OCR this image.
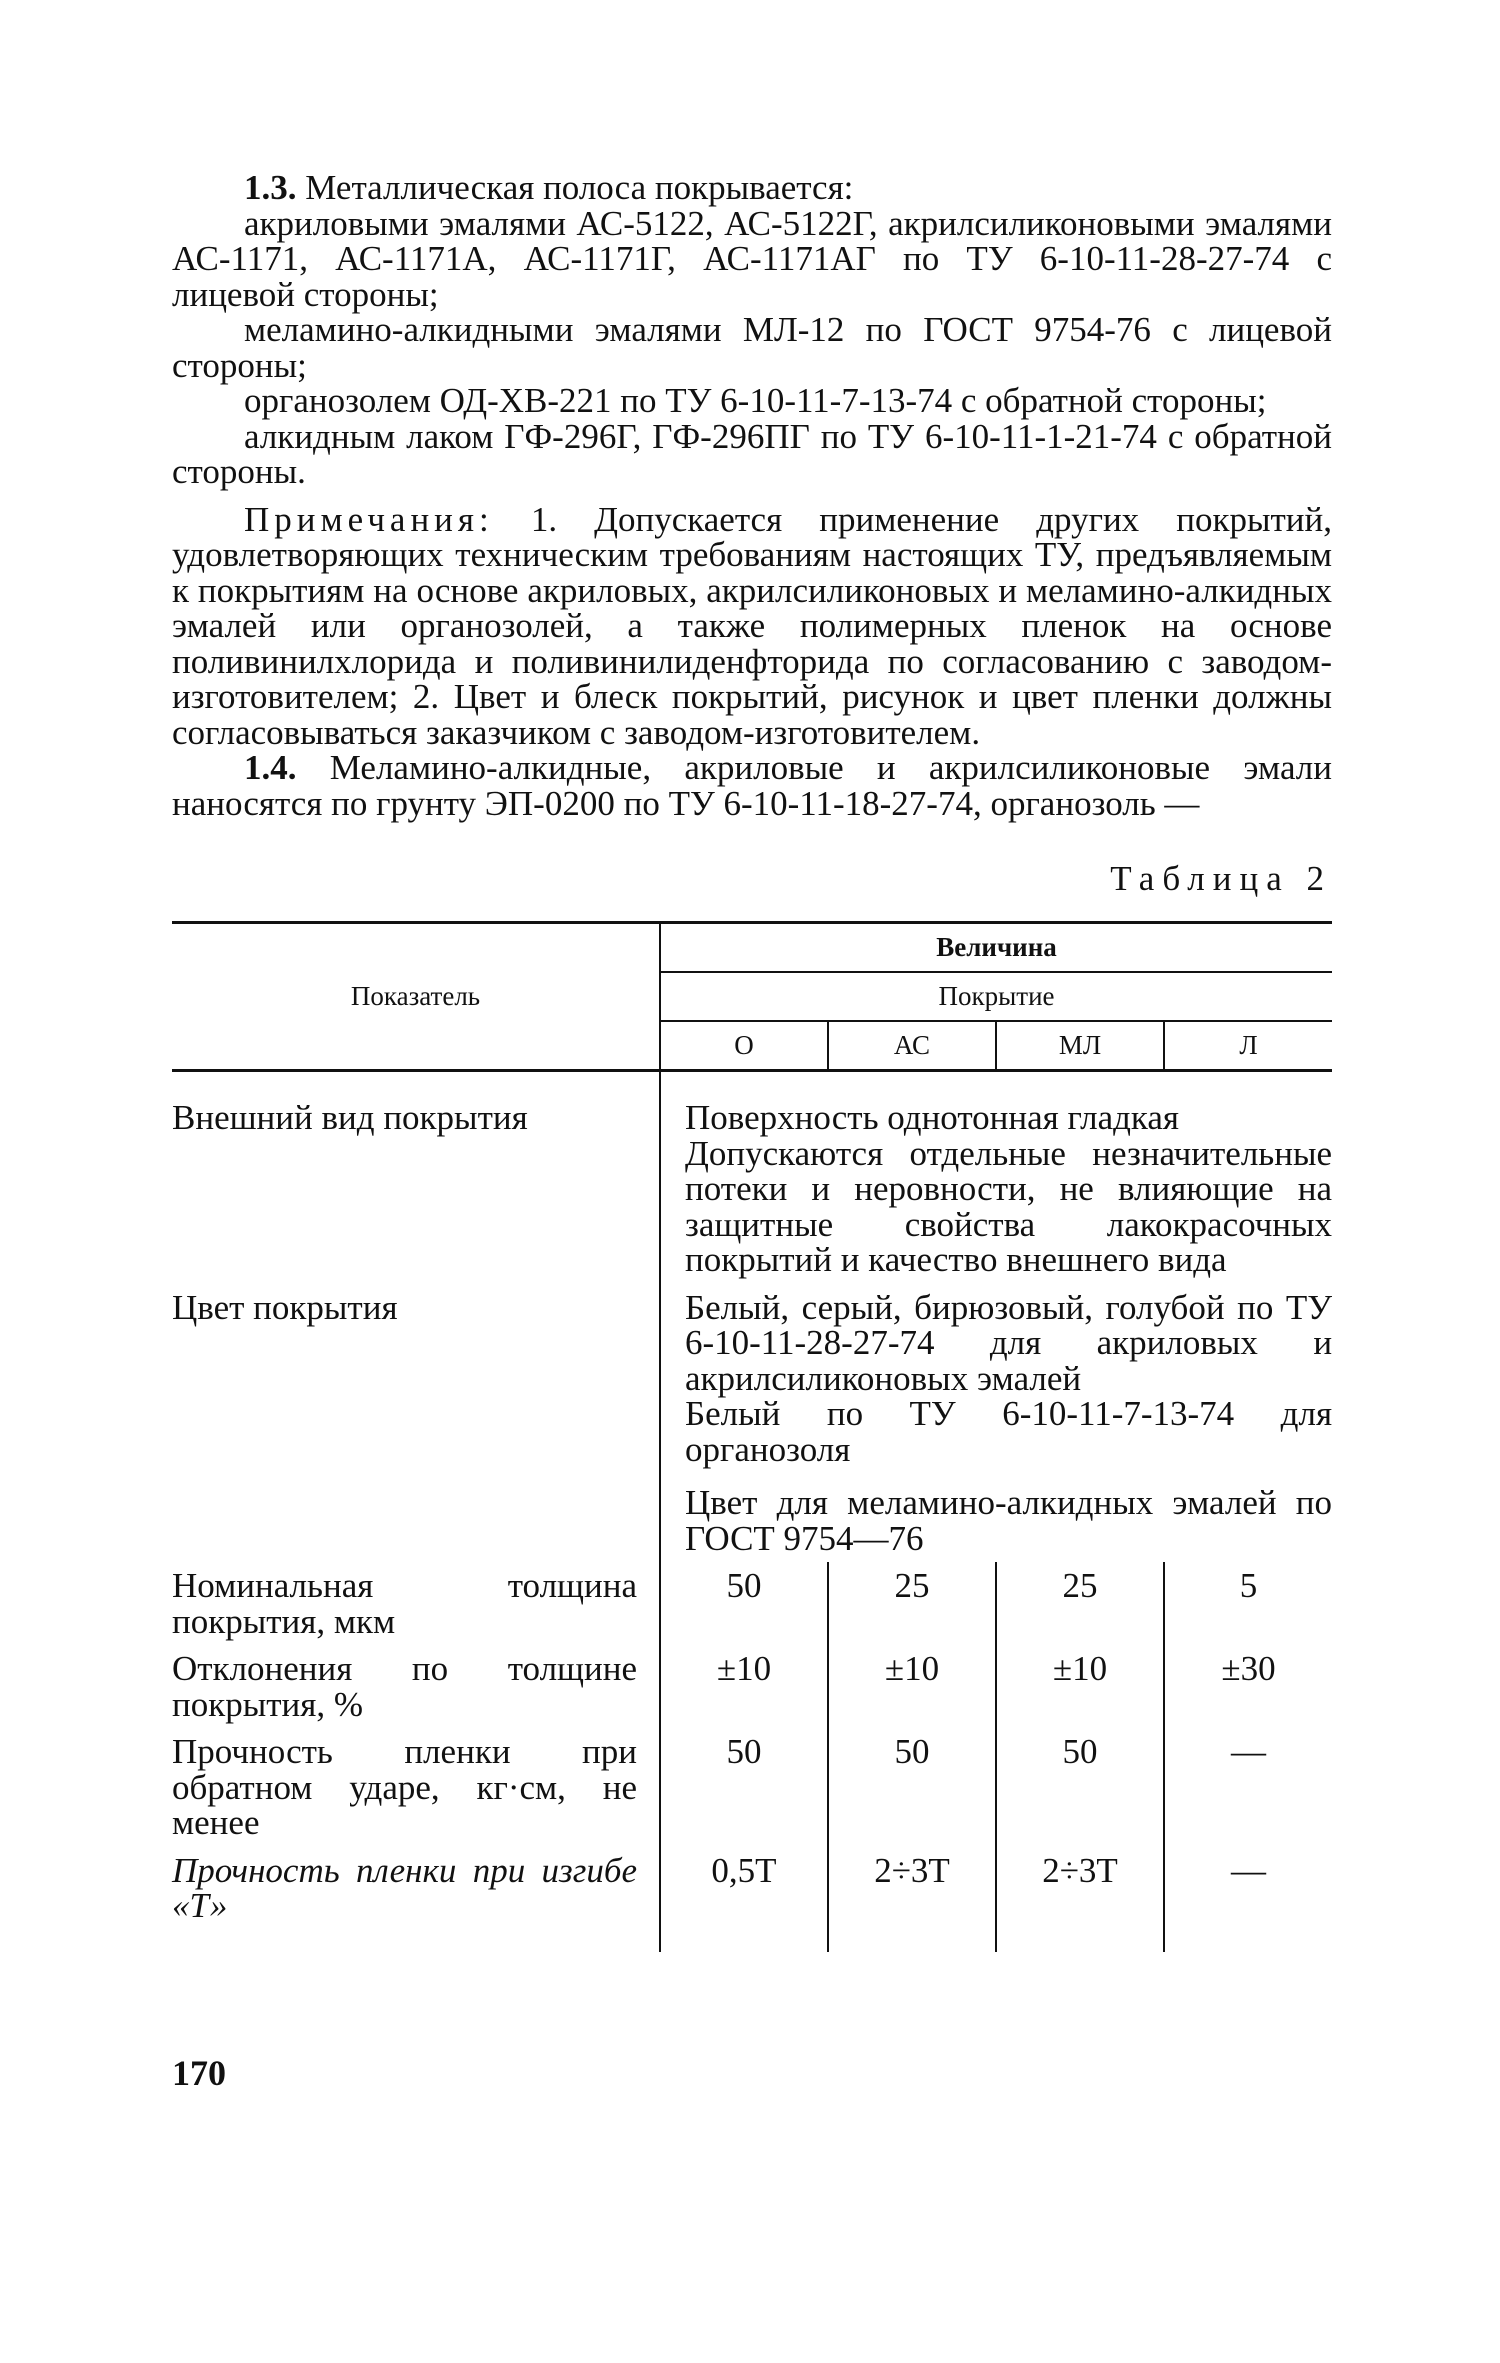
1.3. Металлическая полоса покрывается:

акриловыми эмалями АС-5122, АС-5122Г, акрилсиликоновыми эмалями АС-1171, АС-1171А, АС-1171Г, АС-1171АГ по ТУ 6-10-11-28-27-74 с лицевой стороны;

меламино-алкидными эмалями МЛ-12 по ГОСТ 9754-76 с лицевой стороны;

органозолем ОД-ХВ-221 по ТУ 6-10-11-7-13-74 с обратной стороны;

алкидным лаком ГФ-296Г, ГФ-296ПГ по ТУ 6-10-11-1-21-74 с обратной стороны.

Примечания: 1. Допускается применение других покрытий, удовлетворяющих техническим требованиям настоящих ТУ, предъявляемым к покрытиям на основе акриловых, акрилсиликоновых и меламино-алкидных эмалей или органозолей, а также полимерных пленок на основе поливинилхлорида и поливинилиденфторида по согласованию с заводом-изготовителем; 2. Цвет и блеск покрытий, рисунок и цвет пленки должны согласовываться заказчиком с заводом-изготовителем.

1.4. Меламино-алкидные, акриловые и акрилсиликоновые эмали наносятся по грунту ЭП-0200 по ТУ 6-10-11-18-27-74, органозоль —

Таблица 2
Показатель	Величина			
	Покрытие			
	О	АС	МЛ	Л

Внешний вид покрытия	Поверхность однотонная гладкая
Допускаются отдельные незначительные потеки и неровности, не влияющие на защитные свойства лакокрасочных покрытий и качество внешнего вида			

Цвет покрытия	Белый, серый, бирюзовый, голубой по ТУ 6-10-11-28-27-74 для акриловых и акрилсиликоновых эмалей
Белый по ТУ 6-10-11-7-13-74 для органозоля
Цвет для меламино-алкидных эмалей по ГОСТ 9754—76			

Номинальная толщина покрытия, мкм	50	25	25	5
Отклонения по толщине покрытия, %	±10	±10	±10	±30
Прочность пленки при обратном ударе, кг·см, не менее	50	50	50	—
Прочность пленки при изгибе «Т»	0,5Т	2÷3Т	2÷3Т	—

170
